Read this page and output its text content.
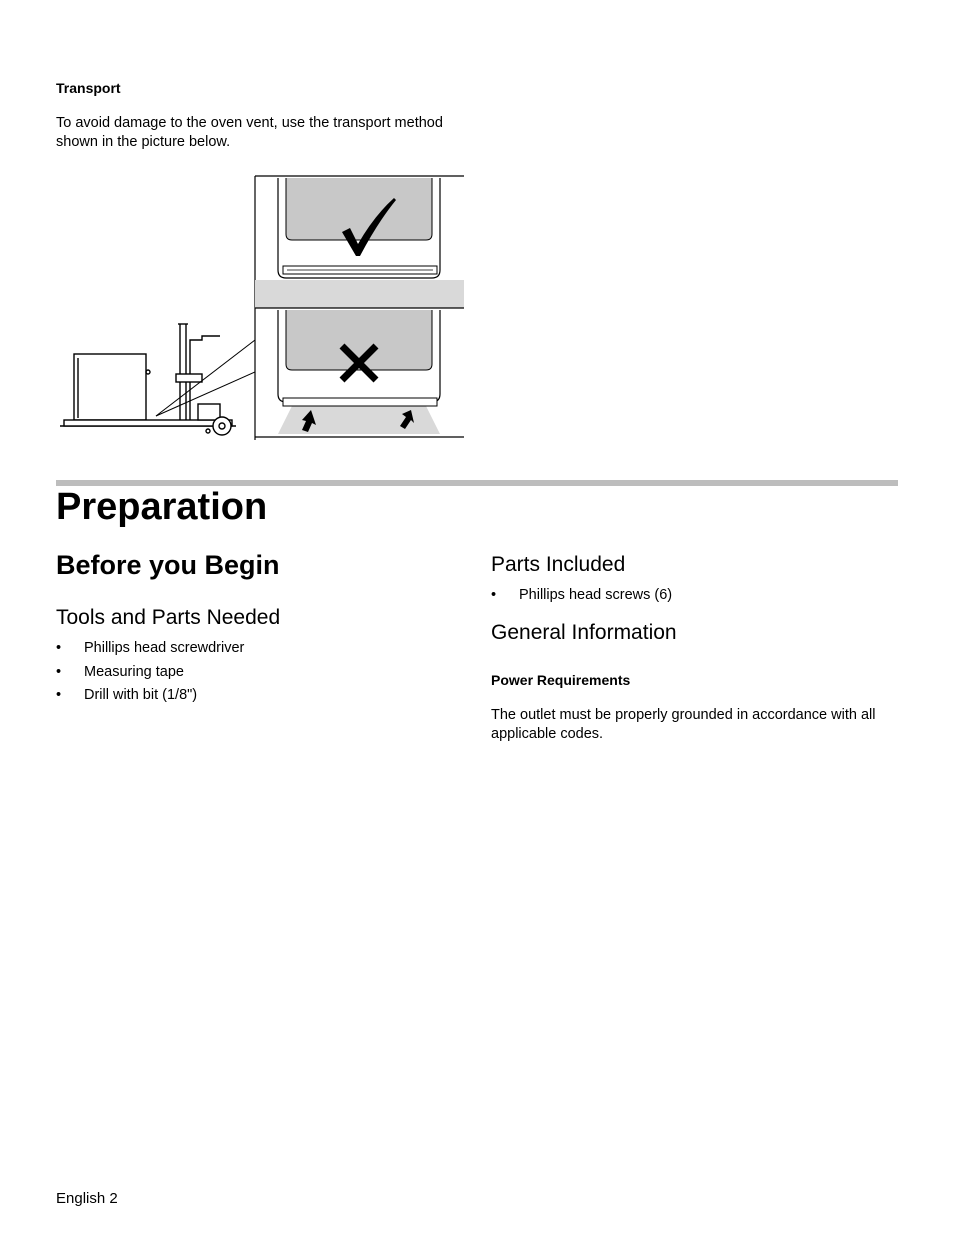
Transport
To avoid damage to the oven vent, use the transport method shown in the picture below.
Preparation
Before you Begin
Tools and Parts Needed
• Phillips head screwdriver
• Measuring tape
• Drill with bit (1/8")
Parts Included
• Phillips head screws (6)
General Information
Power Requirements
The outlet must be properly grounded in accordance with all applicable codes.
English 2
